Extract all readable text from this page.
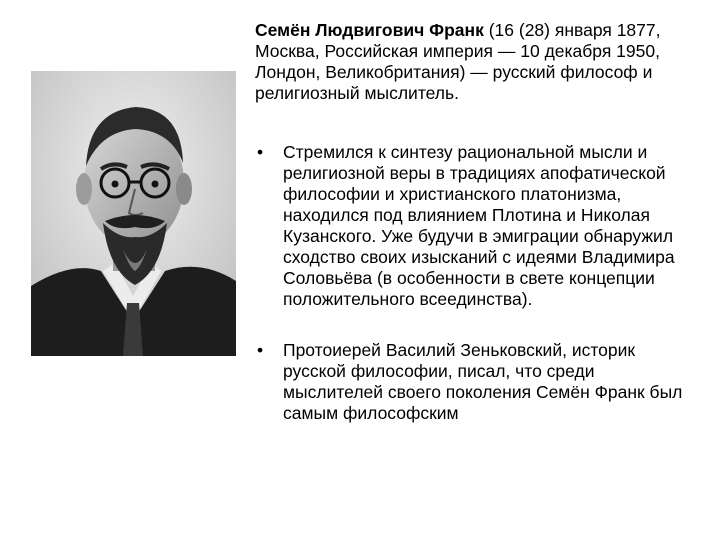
Семён Людвигович Франк (16 (28) января 1877, Москва, Российская империя — 10 декабря 1950, Лондон, Великобритания) — русский философ и религиозный мыслитель.

• Стремился к синтезу рациональной мысли и религиозной веры в традициях апофатической философии и христианского платонизма, находился под влиянием Плотина и Николая Кузанского. Уже будучи в эмиграции обнаружил сходство своих изысканий с идеями Владимира Соловьёва (в особенности в свете концепции положительного всеединства).
• Протоиерей Василий Зеньковский, историк русской философии, писал, что среди мыслителей своего поколения Семён Франк был самым философским
